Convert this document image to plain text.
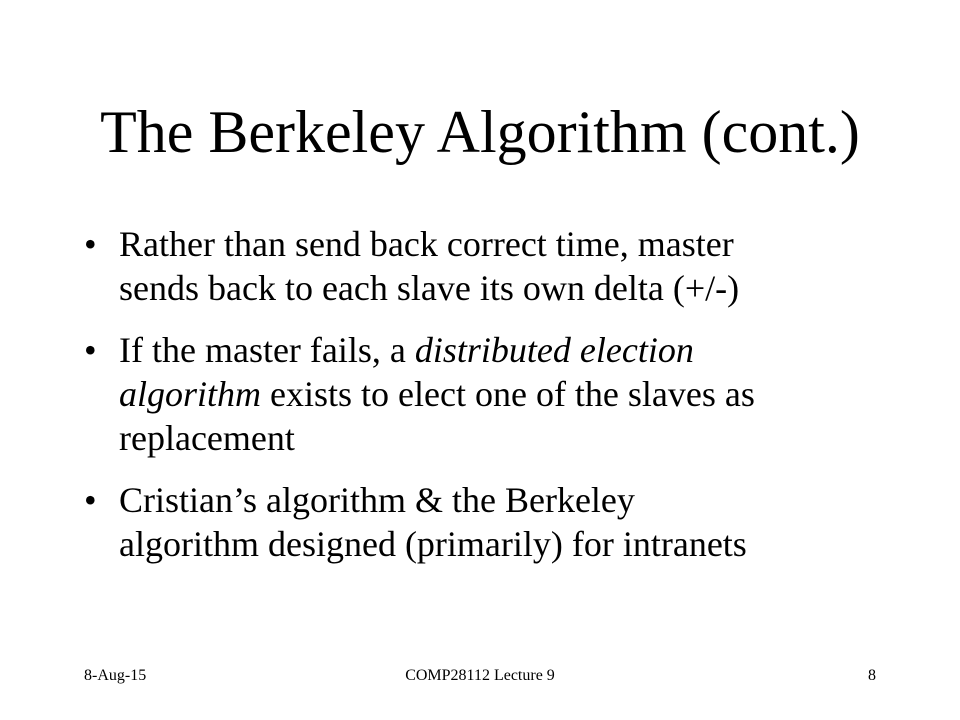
The Berkeley Algorithm (cont.)
• Rather than send back correct time, master
sends back to each slave its own delta (+/-)
• If the master fails, a distributed election
algorithm exists to elect one of the slaves as
replacement
• Cristian’s algorithm & the Berkeley
algorithm designed (primarily) for intranets
8-Aug-15	COMP28112 Lecture 9	8
